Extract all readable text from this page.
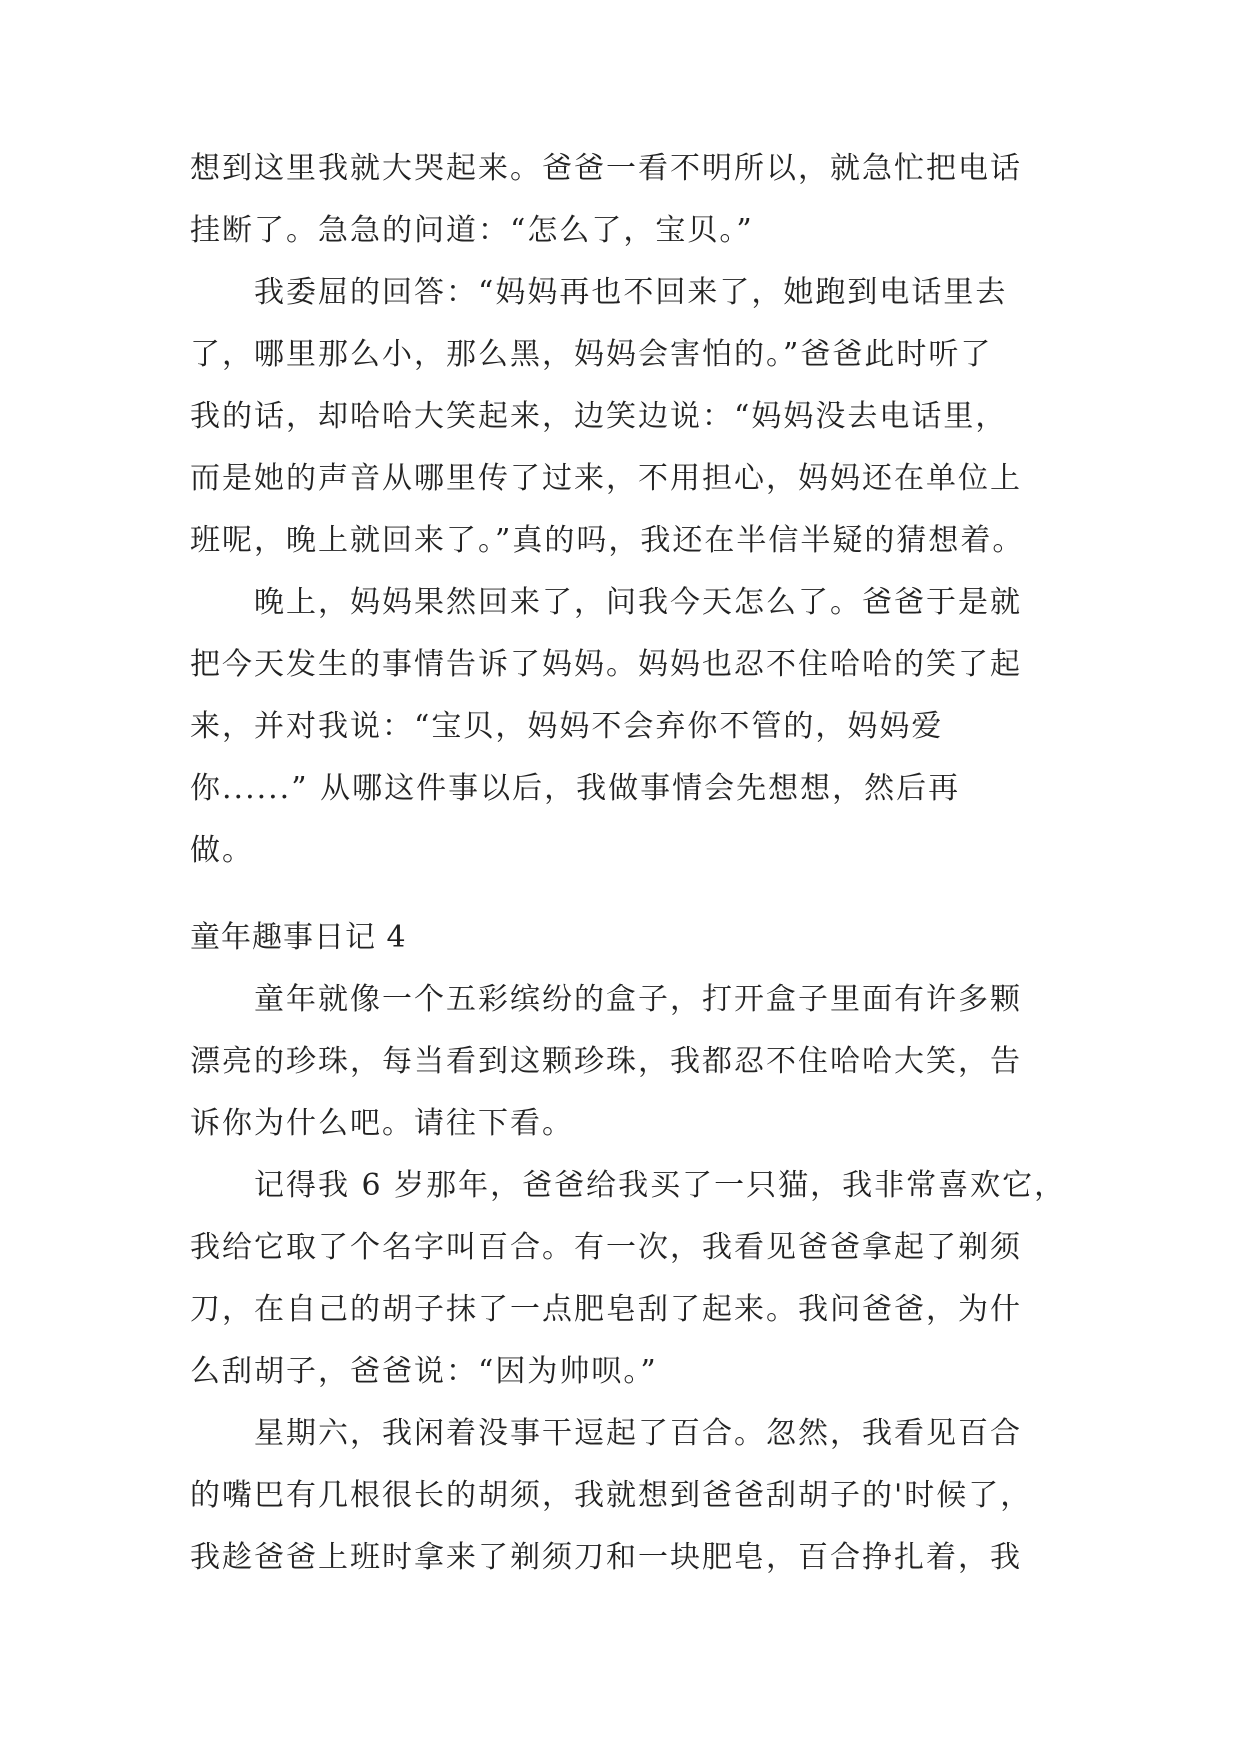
想到这里我就大哭起来。爸爸一看不明所以，就急忙把电话
挂断了。急急的问道：“怎么了，宝贝。”
我委屈的回答：“妈妈再也不回来了，她跑到电话里去
了，哪里那么小，那么黑，妈妈会害怕的。”爸爸此时听了
我的话，却哈哈大笑起来，边笑边说：“妈妈没去电话里，
而是她的声音从哪里传了过来，不用担心，妈妈还在单位上
班呢，晚上就回来了。”真的吗，我还在半信半疑的猜想着。
晚上，妈妈果然回来了，问我今天怎么了。爸爸于是就
把今天发生的事情告诉了妈妈。妈妈也忍不住哈哈的笑了起
来，并对我说：“宝贝，妈妈不会弃你不管的，妈妈爱
你......” 从哪这件事以后，我做事情会先想想，然后再
做。
童年趣事日记 4
童年就像一个五彩缤纷的盒子，打开盒子里面有许多颗
漂亮的珍珠，每当看到这颗珍珠，我都忍不住哈哈大笑，告
诉你为什么吧。请往下看。
记得我 6 岁那年，爸爸给我买了一只猫，我非常喜欢它，
我给它取了个名字叫百合。有一次，我看见爸爸拿起了剃须
刀，在自己的胡子抹了一点肥皂刮了起来。我问爸爸，为什
么刮胡子，爸爸说：“因为帅呗。”
星期六，我闲着没事干逗起了百合。忽然，我看见百合
的嘴巴有几根很长的胡须，我就想到爸爸刮胡子的'时候了，
我趁爸爸上班时拿来了剃须刀和一块肥皂，百合挣扎着，我
